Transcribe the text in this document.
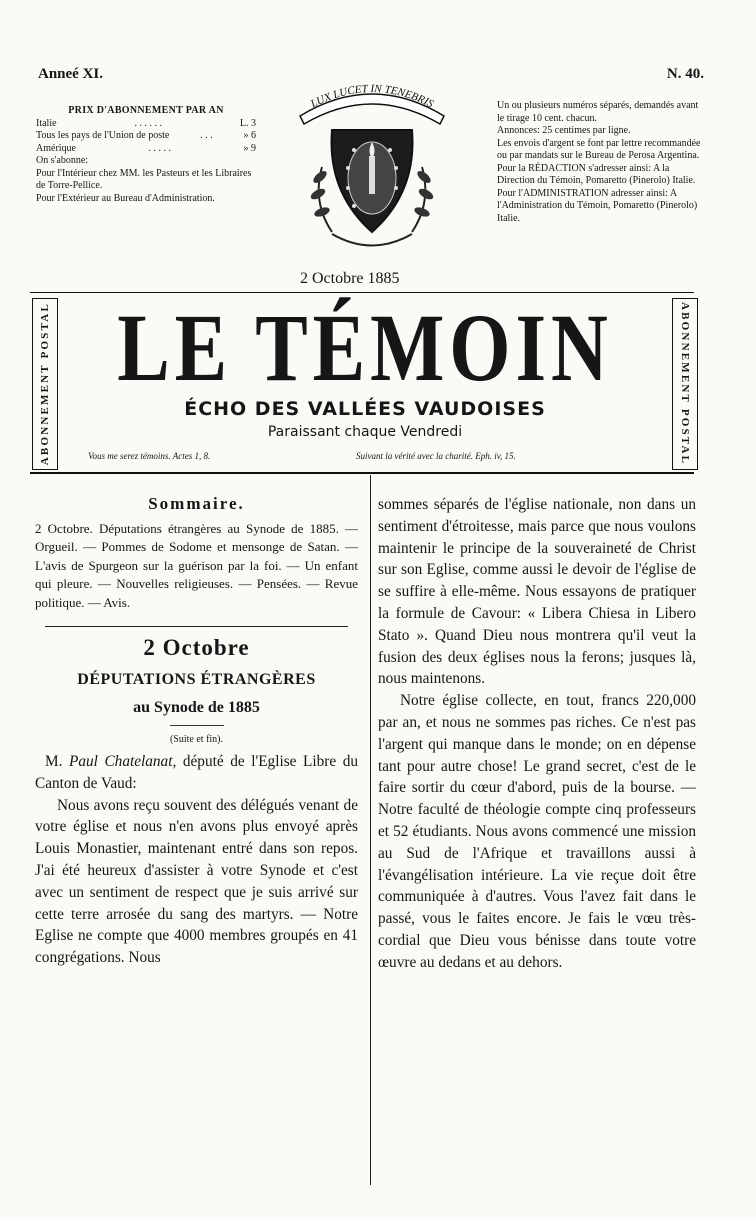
Anneé XI.	N. 40.
PRIX D'ABONNEMENT PAR AN
Italie	. . . . . .	L. 3
Tous les pays de l'Union de poste	. . .	» 6
Amérique	. . . . .	» 9
On s'abonne:
Pour l'Intérieur chez MM. les Pasteurs et les Libraires de Torre-Pellice.
Pour l'Extérieur au Bureau d'Administration.
LUX LUCET IN TENEBRIS	Un ou plusieurs numéros séparés, demandés avant le tirage 10 cent. chacun.
Annonces: 25 centimes par ligne.
Les envois d'argent se font par lettre recommandée ou par mandats sur le Bureau de Perosa Argentina.
Pour la RÉDACTION s'adresser ainsi: A la Direction du Témoin, Pomaretto (Pinerolo) Italie.
Pour l'ADMINISTRATION adresser ainsi: A l'Administration du Témoin, Pomaretto (Pinerolo) Italie.
2 Octobre 1885
ABONNEMENT POSTAL	ABONNEMENT POSTAL
LE TÉMOIN
ÉCHO DES VALLÉES VAUDOISES
Paraissant chaque Vendredi
Vous me serez témoins. Actes 1, 8.	Suivant la vérité avec la charité. Eph. iv, 15.
Sommaire.
2 Octobre. Députations étrangères au Synode de 1885. — Orgueil. — Pommes de Sodome et mensonge de Satan. — L'avis de Spurgeon sur la guérison par la foi. — Un enfant qui pleure. — Nouvelles religieuses. — Pensées. — Revue politique. — Avis.
2 Octobre
DÉPUTATIONS ÉTRANGÈRES
au Synode de 1885
(Suite et fin).
M. Paul Chatelanat, député de l'Eglise Libre du Canton de Vaud:
Nous avons reçu souvent des délégués venant de votre église et nous n'en avons plus envoyé après Louis Monastier, maintenant entré dans son repos. J'ai été heureux d'assister à votre Synode et c'est avec un sentiment de respect que je suis arrivé sur cette terre arrosée du sang des martyrs. — Notre Eglise ne compte que 4000 membres groupés en 41 congrégations. Nous
sommes séparés de l'église nationale, non dans un sentiment d'étroitesse, mais parce que nous voulons maintenir le principe de la souveraineté de Christ sur son Eglise, comme aussi le devoir de l'église de se suffire à elle-même. Nous essayons de pratiquer la formule de Cavour: « Libera Chiesa in Libero Stato ». Quand Dieu nous montrera qu'il veut la fusion des deux églises nous la ferons; jusques là, nous maintenons.
Notre église collecte, en tout, francs 220,000 par an, et nous ne sommes pas riches. Ce n'est pas l'argent qui manque dans le monde; on en dépense tant pour autre chose! Le grand secret, c'est de le faire sortir du cœur d'abord, puis de la bourse. — Notre faculté de théologie compte cinq professeurs et 52 étudiants. Nous avons commencé une mission au Sud de l'Afrique et travaillons aussi à l'évangélisation intérieure. La vie reçue doit être communiquée à d'autres. Vous l'avez fait dans le passé, vous le faites encore. Je fais le vœu très-cordial que Dieu vous bénisse dans toute votre œuvre au dedans et au dehors.
